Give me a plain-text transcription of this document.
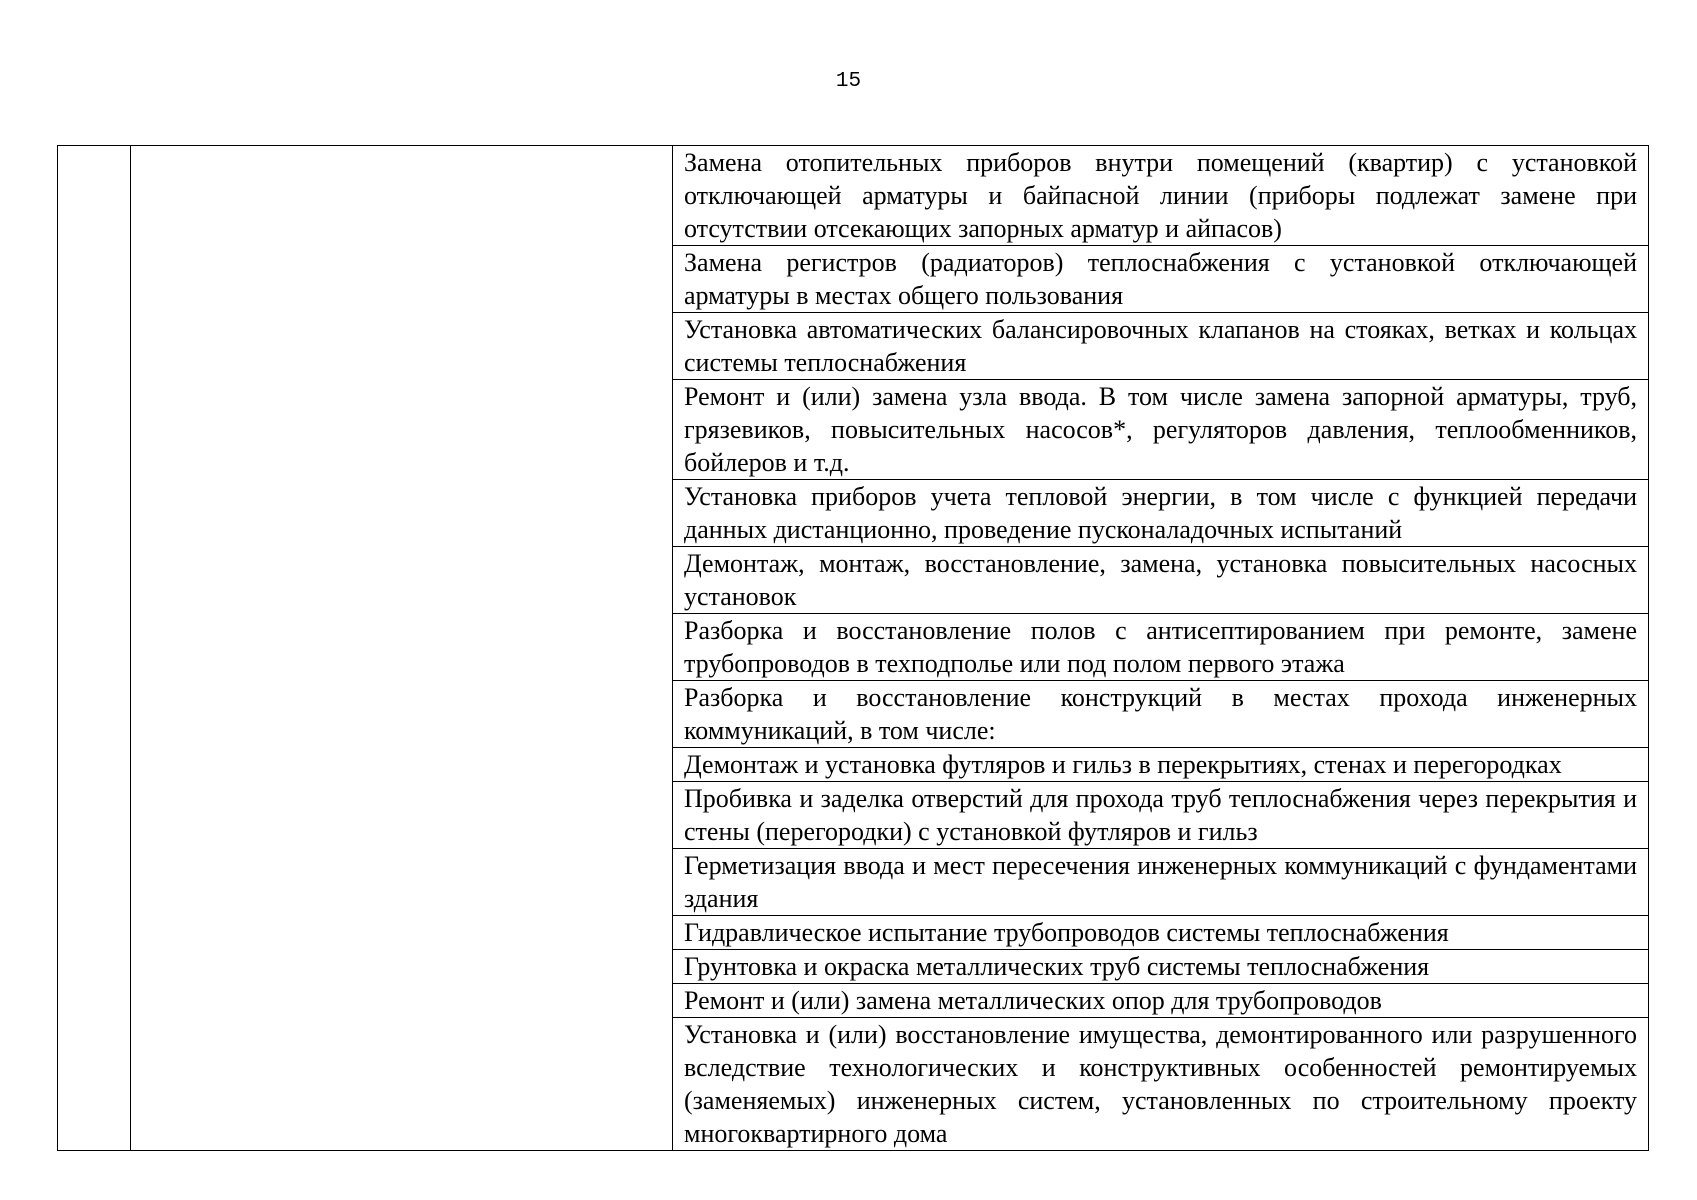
15
		Замена отопительных приборов внутри помещений (квартир) с установкой отключающей арматуры и байпасной линии (приборы подлежат замене при отсутствии отсекающих запорных арматур и айпасов)
Замена регистров (радиаторов) теплоснабжения с установкой отключающей арматуры в местах общего пользования
Установка автоматических балансировочных клапанов на стояках, ветках и кольцах системы теплоснабжения
Ремонт и (или) замена узла ввода. В том числе замена запорной арматуры, труб, грязевиков, повысительных насосов*, регуляторов давления, теплообменников, бойлеров и т.д.
Установка приборов учета тепловой энергии, в том числе с функцией передачи данных дистанционно, проведение пусконаладочных испытаний
Демонтаж, монтаж, восстановление, замена, установка повысительных насосных установок
Разборка и восстановление полов с антисептированием при ремонте, замене трубопроводов в техподполье или под полом первого этажа
Разборка и восстановление конструкций в местах прохода инженерных коммуникаций, в том числе:
Демонтаж и установка футляров и гильз в перекрытиях, стенах и перегородках
Пробивка и заделка отверстий для прохода труб теплоснабжения через перекрытия и стены (перегородки) с установкой футляров и гильз
Герметизация ввода и мест пересечения инженерных коммуникаций с фундаментами здания
Гидравлическое испытание трубопроводов системы теплоснабжения
Грунтовка и окраска металлических труб системы теплоснабжения
Ремонт и (или) замена металлических опор для трубопроводов
Установка и (или) восстановление имущества, демонтированного или разрушенного вследствие технологических и конструктивных особенностей ремонтируемых (заменяемых) инженерных систем, установленных по строительному проекту многоквартирного дома
